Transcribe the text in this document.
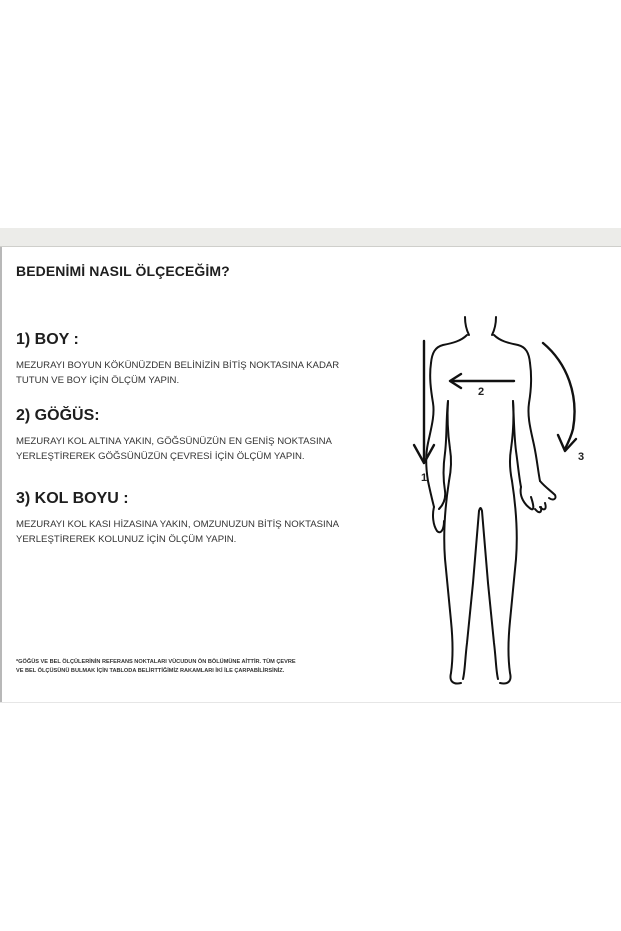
BEDENİMİ NASIL ÖLÇECEĞİM?
1) BOY :

MEZURAYI BOYUN KÖKÜNÜZDEN BELİNİZİN BİTİŞ NOKTASINA KADAR
TUTUN VE BOY İÇİN ÖLÇÜM YAPIN.

2) GÖĞÜS:

MEZURAYI KOL ALTINA YAKIN, GÖĞSÜNÜZÜN EN GENİŞ NOKTASINA
YERLEŞTİREREK GÖĞSÜNÜZÜN ÇEVRESİ İÇİN ÖLÇÜM YAPIN.

3) KOL BOYU :

MEZURAYI KOL KASI HİZASINA YAKIN, OMZUNUZUN BİTİŞ NOKTASINA
YERLEŞTİREREK KOLUNUZ İÇİN ÖLÇÜM YAPIN.

*GÖĞÜS VE BEL ÖLÇÜLERİNİN REFERANS NOKTALARI VÜCUDUN ÖN BÖLÜMÜNE AİTTİR. TÜM ÇEVRE
VE BEL ÖLÇÜSÜNÜ BULMAK İÇİN TABLODA BELİRTTİĞİMİZ RAKAMLARI İKİ İLE ÇARPABİLİRSİNİZ.

1
2
3
